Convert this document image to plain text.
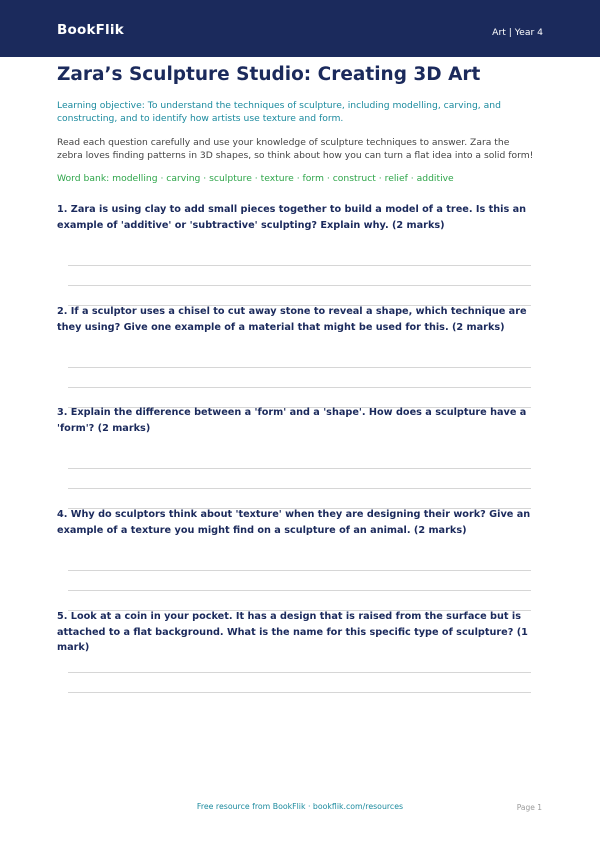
BookFlik	Art | Year 4
Zara’s Sculpture Studio: Creating 3D Art

Learning objective: To understand the techniques of sculpture, including modelling, carving, and constructing, and to identify how artists use texture and form.

Read each question carefully and use your knowledge of sculpture techniques to answer. Zara the zebra loves finding patterns in 3D shapes, so think about how you can turn a flat idea into a solid form!

Word bank: modelling · carving · sculpture · texture · form · construct · relief · additive

1. Zara is using clay to add small pieces together to build a model of a tree. Is this an example of 'additive' or 'subtractive' sculpting? Explain why. (2 marks)

2. If a sculptor uses a chisel to cut away stone to reveal a shape, which technique are they using? Give one example of a material that might be used for this. (2 marks)

3. Explain the difference between a 'form' and a 'shape'. How does a sculpture have a 'form'? (2 marks)

4. Why do sculptors think about 'texture' when they are designing their work? Give an example of a texture you might find on a sculpture of an animal. (2 marks)

5. Look at a coin in your pocket. It has a design that is raised from the surface but is attached to a flat background. What is the name for this specific type of sculpture? (1 mark)

Free resource from BookFlik · bookflik.com/resources	Page 1
